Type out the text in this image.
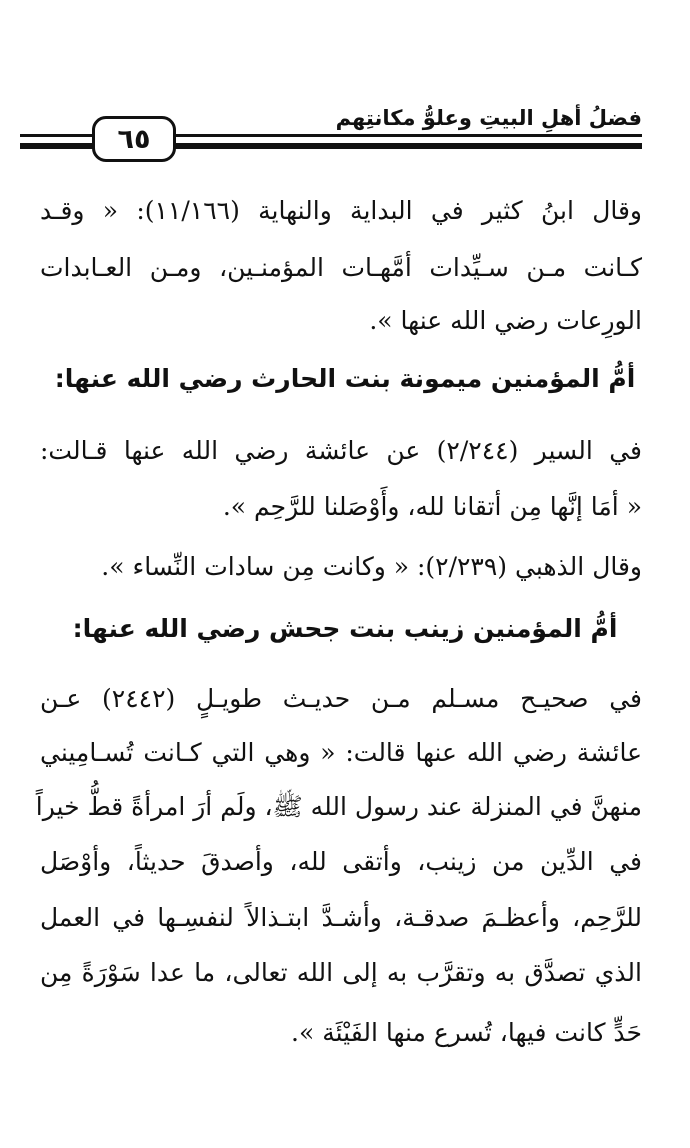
فضلُ أهلِ البيتِ وعلوُّ مكانتِهم
٦٥
وقال ابنُ كثير في البداية والنهاية (١١/١٦٦): « وقـد
كـانت مـن سـيِّدات أمَّهـات المؤمنـين، ومـن العـابدات
الورِعات رضي الله عنها ».
أمُّ المؤمنين ميمونة بنت الحارث رضي الله عنها:
في السير (٢/٢٤٤) عن عائشة رضي الله عنها قـالت:
« أمَا إنَّها مِن أتقانا لله، وأَوْصَلنا للرَّحِم ».
وقال الذهبي (٢/٢٣٩): « وكانت مِن سادات النِّساء ».
أمُّ المؤمنين زينب بنت جحش رضي الله عنها:
في صحيـح مسـلم مـن حديـث طويـلٍ (٢٤٤٢) عـن
عائشة رضي الله عنها قالت: « وهي التي كـانت تُسـامِيني
منهنَّ في المنزلة عند رسول الله ﷺ، ولَم أرَ امرأةً قطُّ خيراً
في الدِّين من زينب، وأتقى لله، وأصدقَ حديثاً، وأوْصَل
للرَّحِم، وأعظـمَ صدقـة، وأشـدَّ ابتـذالاً لنفسِـها في العمل
الذي تصدَّق به وتقرَّب به إلى الله تعالى، ما عدا سَوْرَةً مِن
حَدٍّ كانت فيها، تُسرع منها الفَيْئَة ».
